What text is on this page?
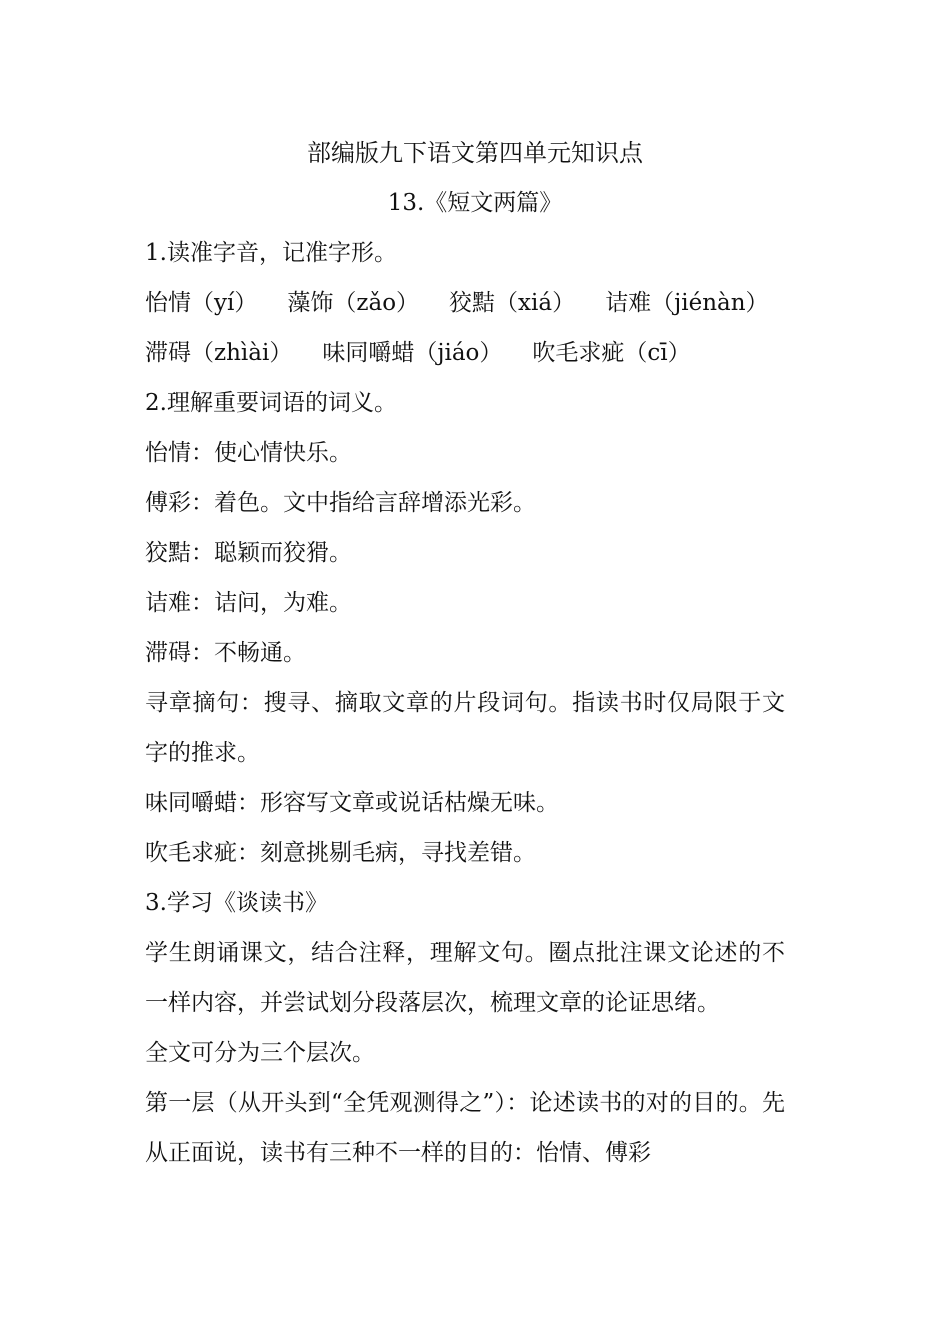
部编版九下语文第四单元知识点

13.《短文两篇》

1.读准字音，记准字形。

怡情（yí） 藻饰（zǎo） 狡黠（xiá） 诘难（jiénàn）

滞碍（zhìài） 味同嚼蜡（jiáo） 吹毛求疵（cī）

2.理解重要词语的词义。

怡情：使心情快乐。

傅彩：着色。文中指给言辞增添光彩。

狡黠：聪颖而狡猾。

诘难：诘问，为难。

滞碍：不畅通。

寻章摘句：搜寻、摘取文章的片段词句。指读书时仅局限于文字的推求。

味同嚼蜡：形容写文章或说话枯燥无味。

吹毛求疵：刻意挑剔毛病，寻找差错。

3.学习《谈读书》

学生朗诵课文，结合注释，理解文句。圈点批注课文论述的不一样内容，并尝试划分段落层次，梳理文章的论证思绪。

全文可分为三个层次。

第一层（从开头到“全凭观测得之”）：论述读书的对的目的。先从正面说，读书有三种不一样的目的：怡情、傅彩
